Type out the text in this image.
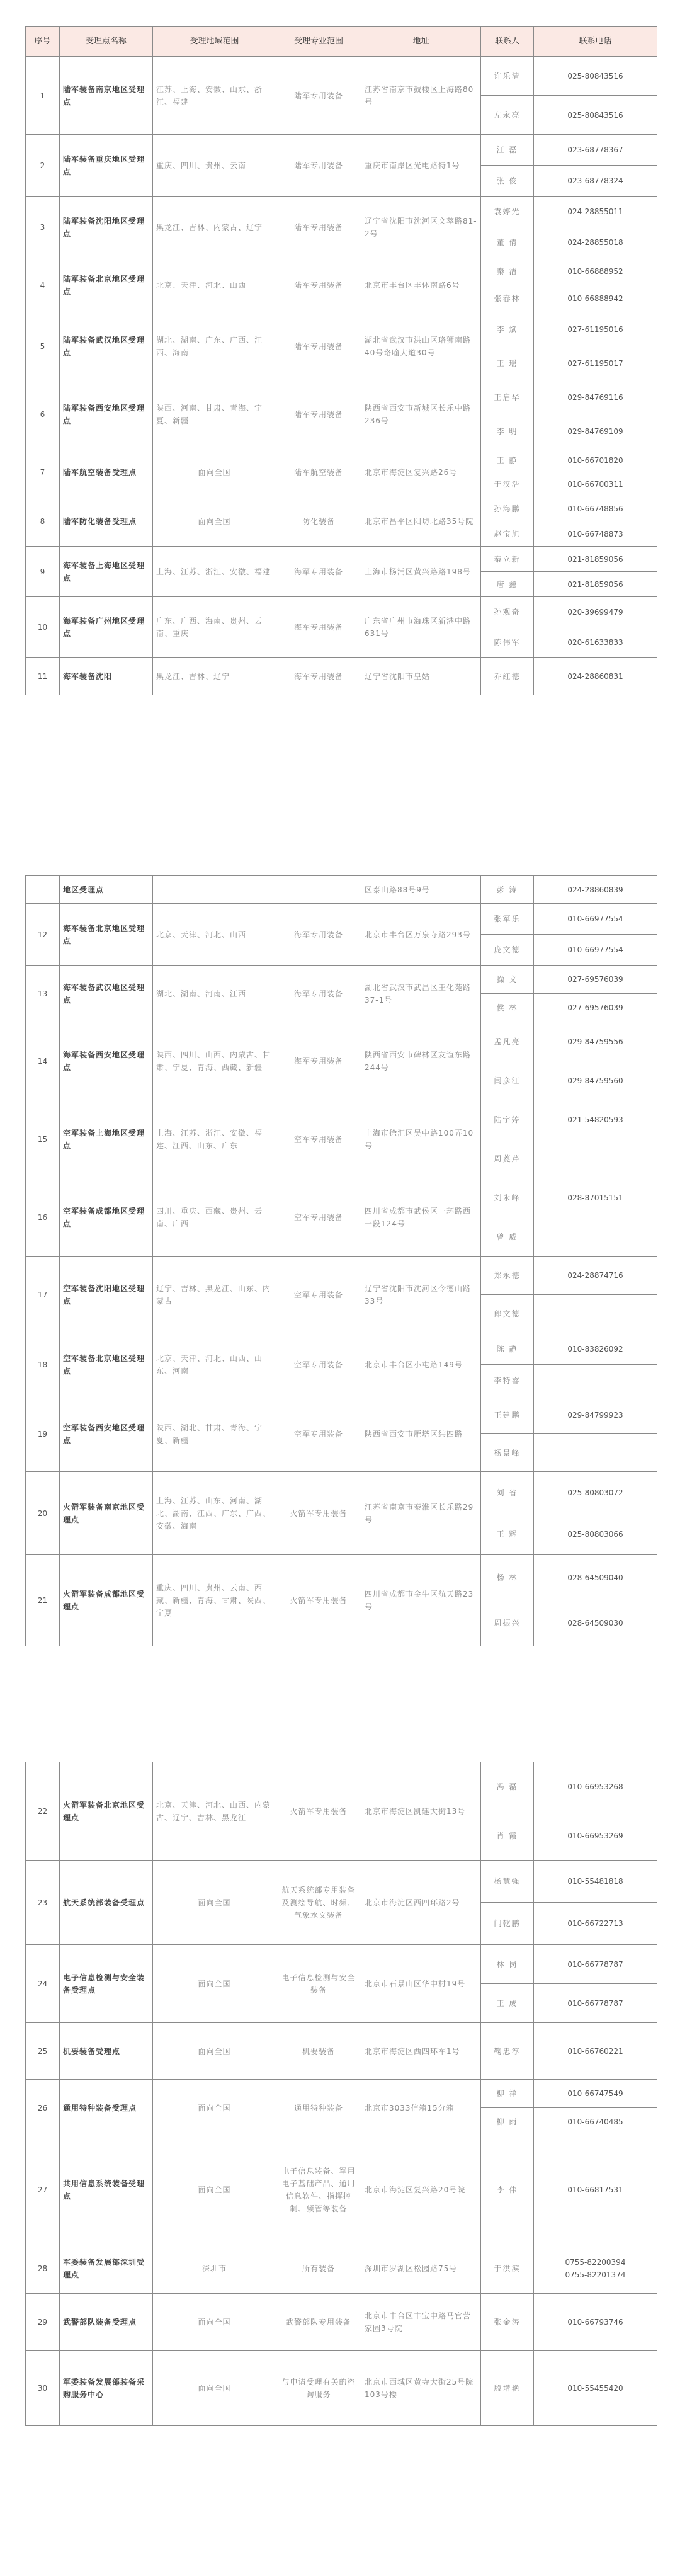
序号	受理点名称	受理地域范围	受理专业范围	地址	联系人	联系电话
1	陆军装备南京地区受理点	江苏、上海、安徽、山东、浙江、福建	陆军专用装备	江苏省南京市鼓楼区上海路80号	许乐清	025-80843516
					左永亮	025-80843516
2	陆军装备重庆地区受理点	重庆、四川、贵州、云南	陆军专用装备	重庆市南岸区光电路特1号	江 磊	023-68778367
					张 俊	023-68778324
3	陆军装备沈阳地区受理点	黑龙江、吉林、内蒙古、辽宁	陆军专用装备	辽宁省沈阳市沈河区文萃路81-2号	袁婷光	024-28855011
					董 倩	024-28855018
4	陆军装备北京地区受理点	北京、天津、河北、山西	陆军专用装备	北京市丰台区丰体南路6号	秦 洁	010-66888952
					张春林	010-66888942
5	陆军装备武汉地区受理点	湖北、湖南、广东、广西、江西、海南	陆军专用装备	湖北省武汉市洪山区珞狮南路40号珞喻大道30号	李 斌	027-61195016
					王 瑶	027-61195017
6	陆军装备西安地区受理点	陕西、河南、甘肃、青海、宁夏、新疆	陆军专用装备	陕西省西安市新城区长乐中路236号	王启华	029-84769116
					李 明	029-84769109
7	陆军航空装备受理点	面向全国	陆军航空装备	北京市海淀区复兴路26号	王 静	010-66701820
					于汉浩	010-66700311
8	陆军防化装备受理点	面向全国	防化装备	北京市昌平区阳坊北路35号院	孙海鹏	010-66748856
					赵宝旭	010-66748873
9	海军装备上海地区受理点	上海、江苏、浙江、安徽、福建	海军专用装备	上海市杨浦区黄兴路路198号	秦立新	021-81859056
					唐 鑫	021-81859056
10	海军装备广州地区受理点	广东、广西、海南、贵州、云南、重庆	海军专用装备	广东省广州市海珠区新港中路631号	孙观奇	020-39699479
					陈伟军	020-61633833
11	海军装备沈阳	黑龙江、吉林、辽宁	海军专用装备	辽宁省沈阳市皇姑	乔红德	024-28860831
	地区受理点			区泰山路88号9号	彭 涛	024-28860839
12	海军装备北京地区受理点	北京、天津、河北、山西	海军专用装备	北京市丰台区万泉寺路293号	张军乐	010-66977554
					庞文德	010-66977554
13	海军装备武汉地区受理点	湖北、湖南、河南、江西	海军专用装备	湖北省武汉市武昌区王化苑路37-1号	操 文	027-69576039
					侯 林	027-69576039
14	海军装备西安地区受理点	陕西、四川、山西、内蒙古、甘肃、宁夏、青海、西藏、新疆	海军专用装备	陕西省西安市碑林区友谊东路244号	孟凡亮	029-84759556
					闫彦江	029-84759560
15	空军装备上海地区受理点	上海、江苏、浙江、安徽、福建、江西、山东、广东	空军专用装备	上海市徐汇区吴中路100弄10号	陆宇婷	021-54820593
					周菱芹	
16	空军装备成都地区受理点	四川、重庆、西藏、贵州、云南、广西	空军专用装备	四川省成都市武侯区一环路西一段124号	刘永峰	028-87015151
					曾 威	
17	空军装备沈阳地区受理点	辽宁、吉林、黑龙江、山东、内蒙古	空军专用装备	辽宁省沈阳市沈河区令德山路33号	郑永德	024-28874716
					郎文德	
18	空军装备北京地区受理点	北京、天津、河北、山西、山东、河南	空军专用装备	北京市丰台区小屯路149号	陈 静	010-83826092
					李特睿	
19	空军装备西安地区受理点	陕西、湖北、甘肃、青海、宁夏、新疆	空军专用装备	陕西省西安市雁塔区纬四路	王建鹏	029-84799923
					杨景峰	
20	火箭军装备南京地区受理点	上海、江苏、山东、河南、湖北、湖南、江西、广东、广西、安徽、海南	火箭军专用装备	江苏省南京市秦淮区长乐路29号	刘 省	025-80803072
					王 辉	025-80803066
21	火箭军装备成都地区受理点	重庆、四川、贵州、云南、西藏、新疆、青海、甘肃、陕西、宁夏	火箭军专用装备	四川省成都市金牛区航天路23号	杨 林	028-64509040
					周振兴	028-64509030
22	火箭军装备北京地区受理点	北京、天津、河北、山西、内蒙古、辽宁、吉林、黑龙江	火箭军专用装备	北京市海淀区凯建大街13号	冯 磊	010-66953268
					肖 霞	010-66953269
23	航天系统部装备受理点	面向全国	航天系统部专用装备及测绘导航、时频、气象水文装备	北京市海淀区西四环路2号	杨慧强	010-55481818
					闫乾鹏	010-66722713
24	电子信息检测与安全装备受理点	面向全国	电子信息检测与安全装备	北京市石景山区华中村19号	林 岗	010-66778787
					王 成	010-66778787
25	机要装备受理点	面向全国	机要装备	北京市海淀区西四环军1号	鞠忠淳	010-66760221
26	通用特种装备受理点	面向全国	通用特种装备	北京市3033信箱15分箱	柳 祥	010-66747549
					柳 雨	010-66740485
27	共用信息系统装备受理点	面向全国	电子信息装备、军用电子基础产品、通用信息软件、指挥控制、频管等装备	北京市海淀区复兴路20号院	李 伟	010-66817531
28	军委装备发展部深圳受理点	深圳市	所有装备	深圳市罗湖区松园路75号	于洪滨	0755-82200394
0755-82201374
29	武警部队装备受理点	面向全国	武警部队专用装备	北京市丰台区丰宝中路马官营家园3号院	张金涛	010-66793746
30	军委装备发展部装备采购服务中心	面向全国	与申请受理有关的咨询服务	北京市西城区黄寺大街25号院103号楼	殷增艳	010-55455420
